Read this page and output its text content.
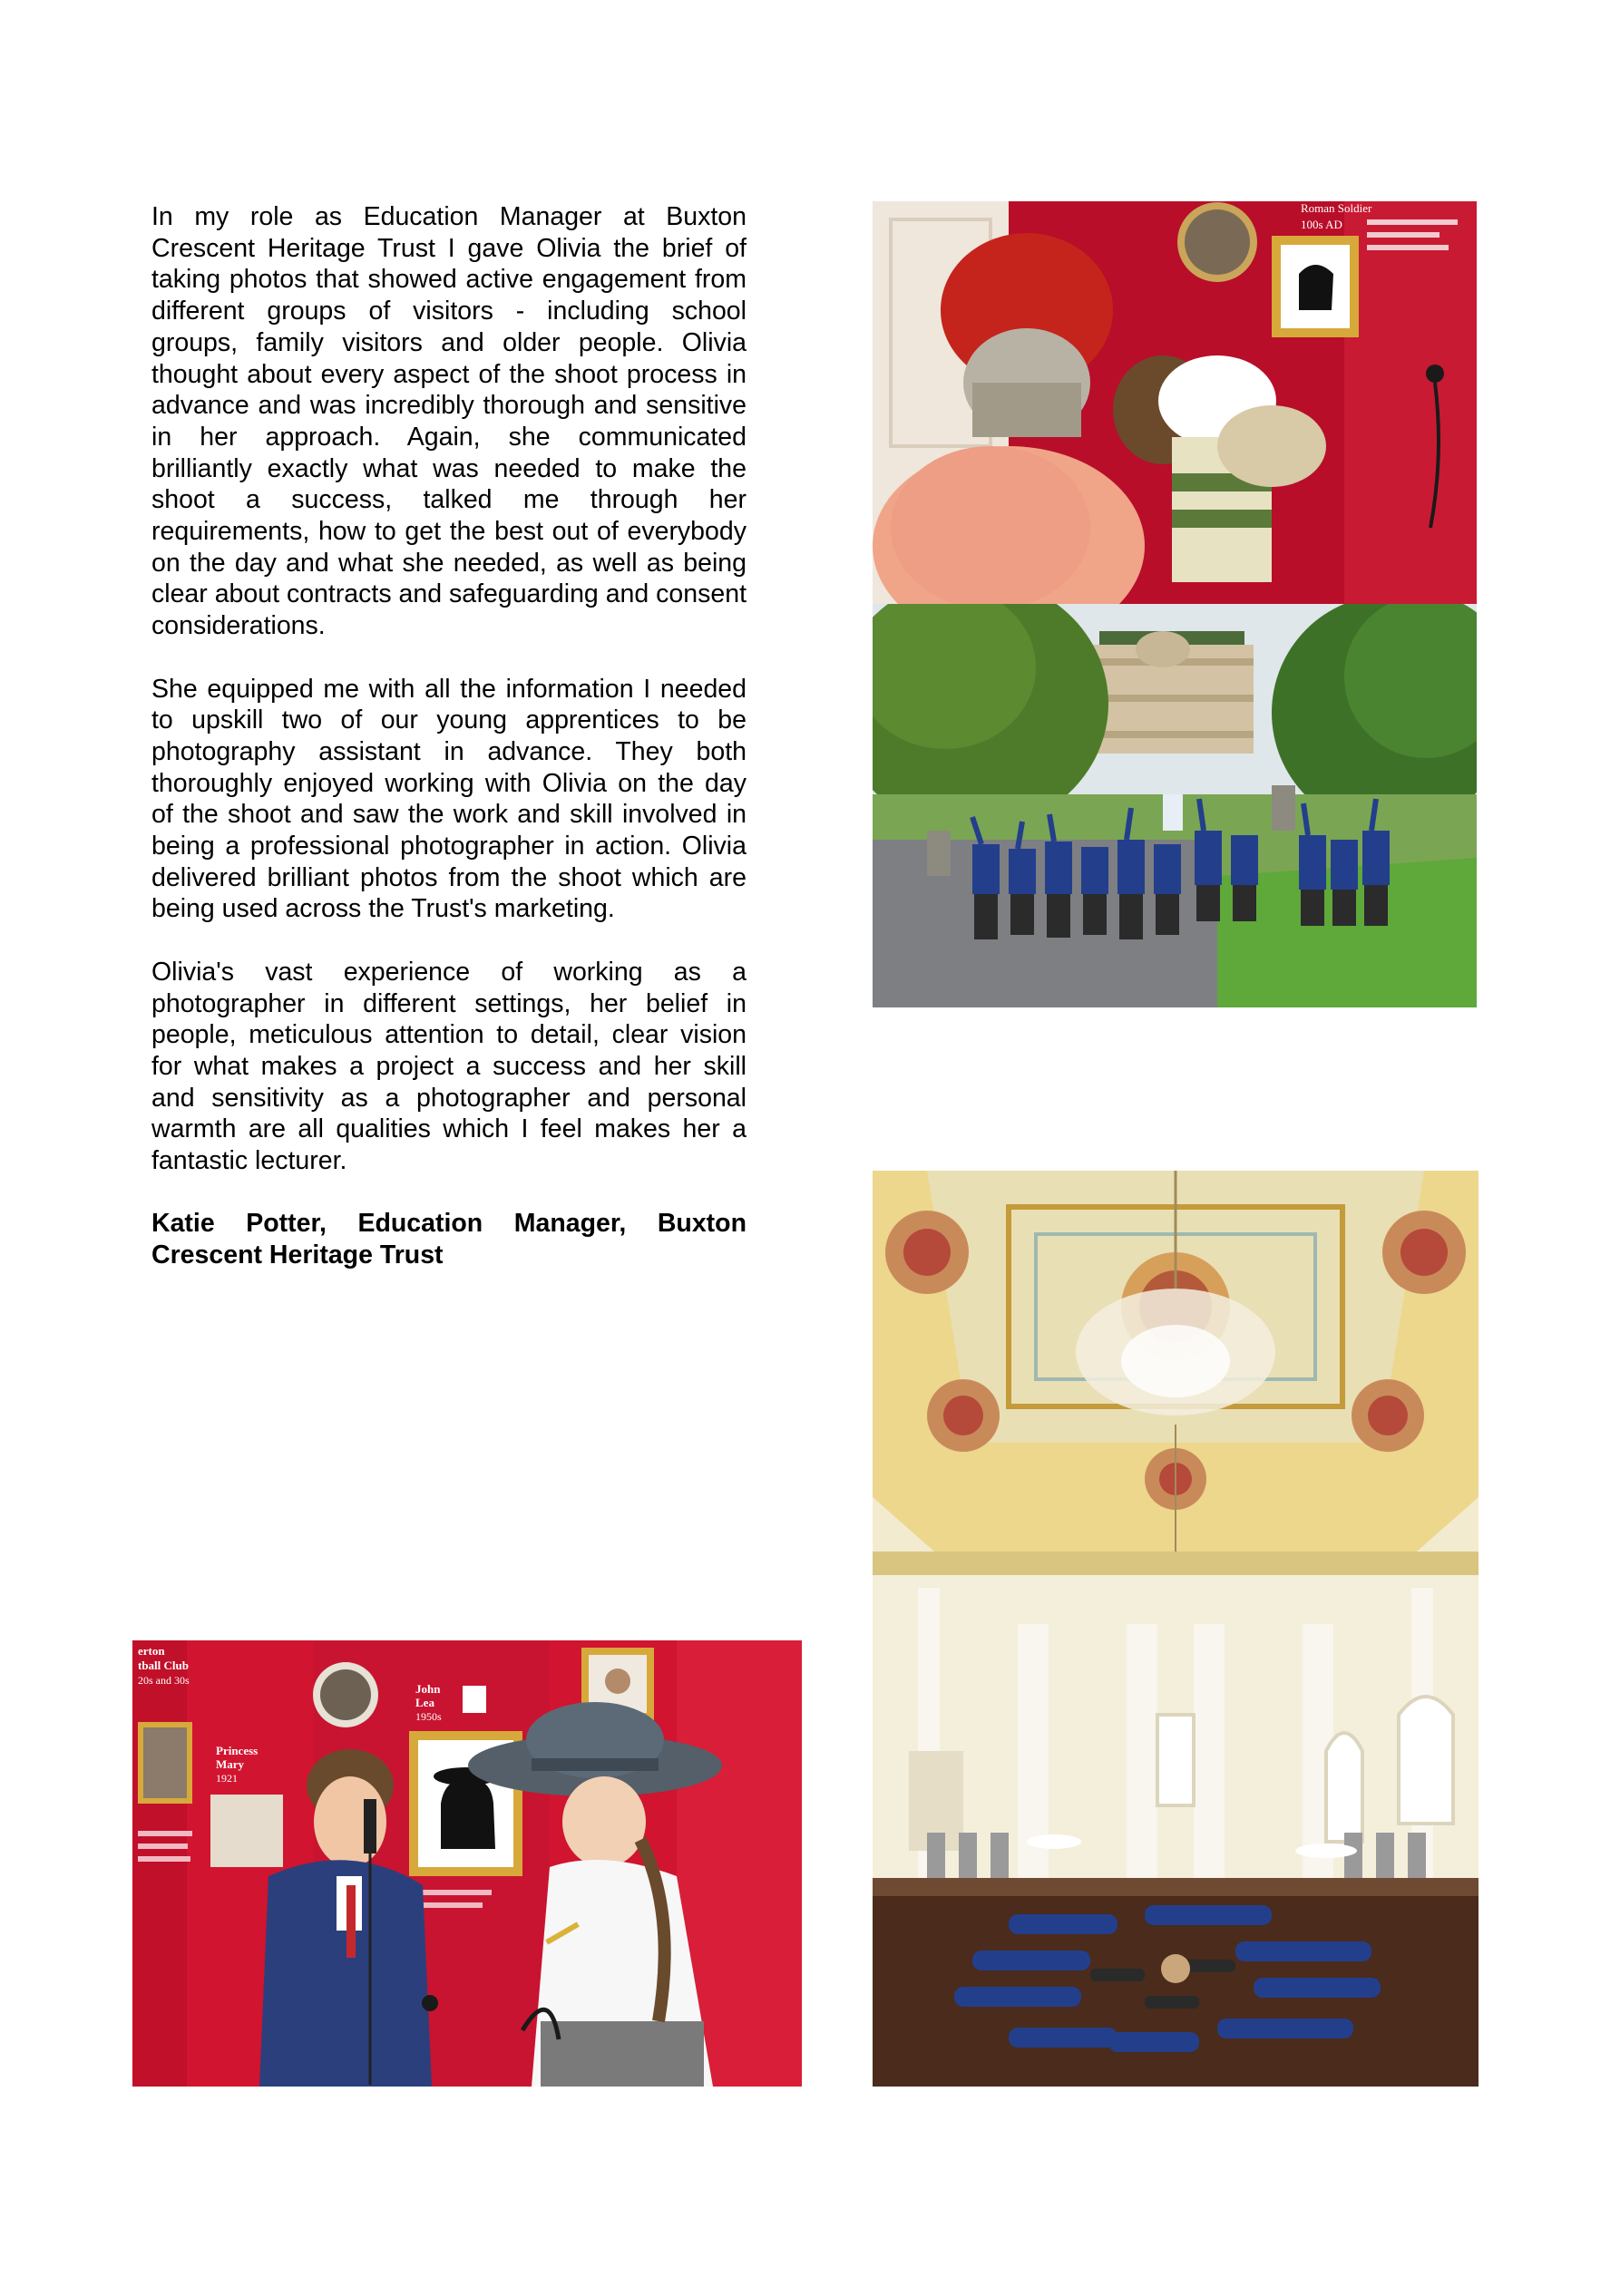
In my role as Education Manager at Buxton Crescent Heritage Trust I gave Olivia the brief of taking photos that showed active engagement from different groups of visitors - including school groups, family visitors and older people. Olivia thought about every aspect of the shoot process in advance and was incredibly thorough and sensitive in her approach. Again, she communicated brilliantly exactly what was needed to make the shoot a success, talked me through her requirements, how to get the best out of everybody on the day and what she needed, as well as being clear about contracts and safeguarding and consent considerations.

She equipped me with all the information I needed to upskill two of our young apprentices to be photography assistant in advance. They both thoroughly enjoyed working with Olivia on the day of the shoot and saw the work and skill involved in being a professional photographer in action. Olivia delivered brilliant photos from the shoot which are being used across the Trust's marketing.

Olivia's vast experience of working as a photographer in different settings, her belief in people, meticulous attention to detail, clear vision for what makes a project a success and her skill and sensitivity as a photographer and personal warmth are all qualities which I feel makes her a fantastic lecturer.

Katie Potter, Education Manager, Buxton Crescent Heritage Trust

Roman Soldier
100s AD
erton
tball Club
20s and 30s
John
Lea
1950s
Princess
Mary
1921
